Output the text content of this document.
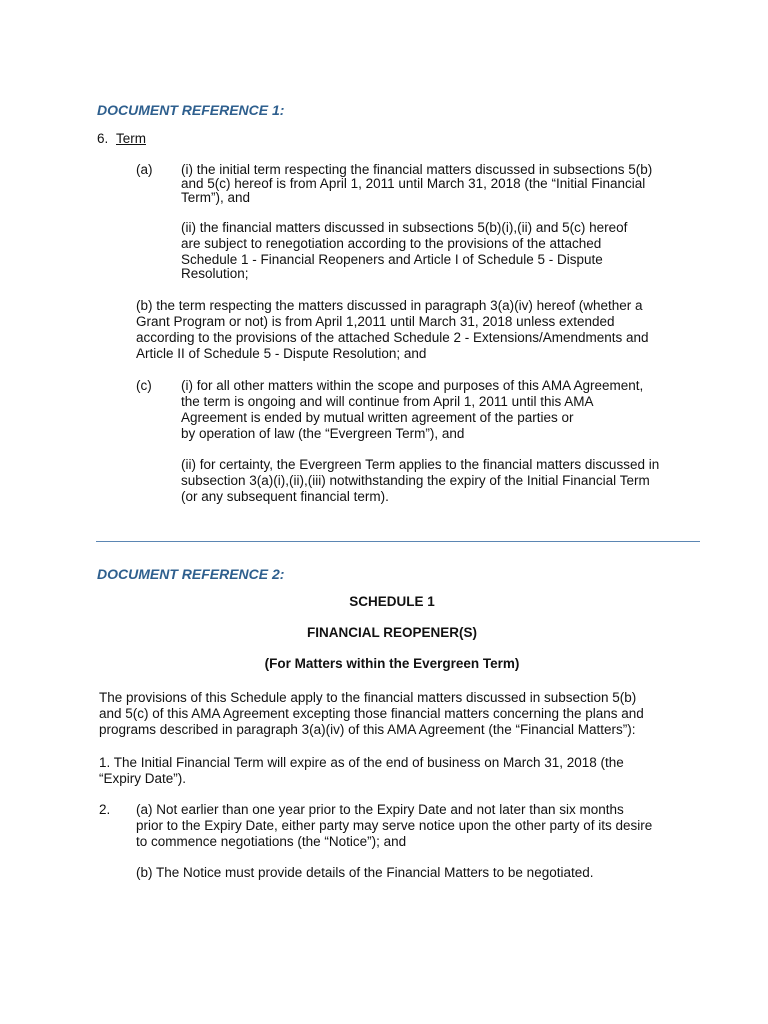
DOCUMENT REFERENCE 1:
6. Term
(a) (i) the initial term respecting the financial matters discussed in subsections 5(b)
and 5(c) hereof is from April 1, 2011 until March 31, 2018 (the “Initial Financial
Term”), and
(ii) the financial matters discussed in subsections 5(b)(i),(ii) and 5(c) hereof
are subject to renegotiation according to the provisions of the attached
Schedule 1 - Financial Reopeners and Article I of Schedule 5 - Dispute
Resolution;
(b) the term respecting the matters discussed in paragraph 3(a)(iv) hereof (whether a
Grant Program or not) is from April 1,2011 until March 31, 2018 unless extended
according to the provisions of the attached Schedule 2 - Extensions/Amendments and
Article II of Schedule 5 - Dispute Resolution; and
(c) (i) for all other matters within the scope and purposes of this AMA Agreement,
the term is ongoing and will continue from April 1, 2011 until this AMA
Agreement is ended by mutual written agreement of the parties or
by operation of law (the “Evergreen Term”), and
(ii) for certainty, the Evergreen Term applies to the financial matters discussed in
subsection 3(a)(i),(ii),(iii) notwithstanding the expiry of the Initial Financial Term
(or any subsequent financial term).
DOCUMENT REFERENCE 2:
SCHEDULE 1
FINANCIAL REOPENER(S)
(For Matters within the Evergreen Term)
The provisions of this Schedule apply to the financial matters discussed in subsection 5(b)
and 5(c) of this AMA Agreement excepting those financial matters concerning the plans and
programs described in paragraph 3(a)(iv) of this AMA Agreement (the “Financial Matters”):
1. The Initial Financial Term will expire as of the end of business on March 31, 2018 (the
“Expiry Date”).
2. (a) Not earlier than one year prior to the Expiry Date and not later than six months
prior to the Expiry Date, either party may serve notice upon the other party of its desire
to commence negotiations (the “Notice”); and
(b) The Notice must provide details of the Financial Matters to be negotiated.
